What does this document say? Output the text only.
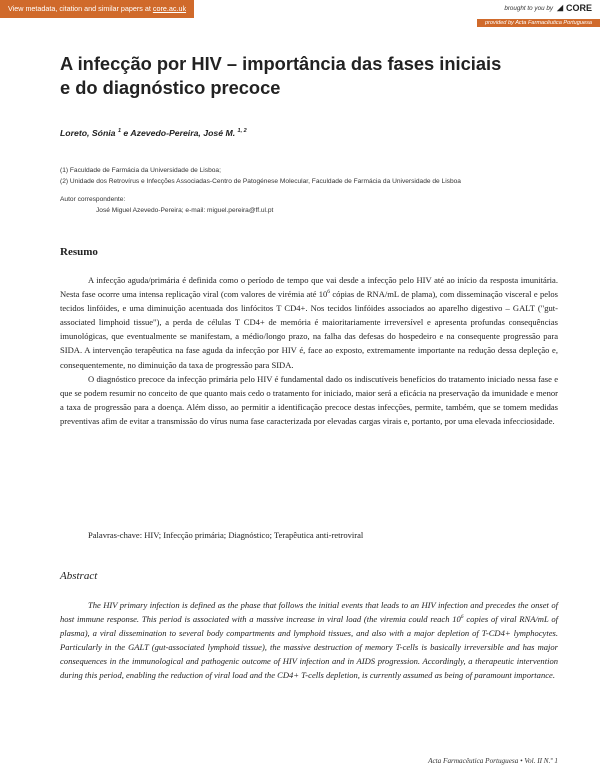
View metadata, citation and similar papers at core.ac.uk	brought to you by CORE
provided by Acta Farmacêutica Portuguesa
A infecção por HIV – importância das fases iniciais
e do diagnóstico precoce
Loreto, Sónia $^1$ e Azevedo-Pereira, José M. $^{1, 2}$
(1) Faculdade de Farmácia da Universidade de Lisboa;
(2) Unidade dos Retrovírus e Infecções Associadas-Centro de Patogénese Molecular, Faculdade de Farmácia da Universidade de Lisboa
Autor correspondente:
José Miguel Azevedo-Pereira; e-mail: miguel.pereira@ff.ul.pt
Resumo

A infecção aguda/primária é definida como o período de tempo que vai desde a infecção pelo HIV até ao início da resposta imunitária. Nesta fase ocorre uma intensa replicação viral (com valores de virémia até $10^6$ cópias de RNA/mL de plama), com disseminação visceral e pelos tecidos linfóides, e uma diminuição acentuada dos linfócitos T CD4+. Nos tecidos linfóides associados ao aparelho digestivo – GALT ("gut-associated limphoid tissue"), a perda de células T CD4+ de memória é maioritariamente irreversível e apresenta profundas consequências imunológicas, que eventualmente se manifestam, a médio/longo prazo, na falha das defesas do hospedeiro e na consequente progressão para SIDA. A intervenção terapêutica na fase aguda da infecção por HIV é, face ao exposto, extremamente importante na redução dessa depleção e, consequentemente, no diminuição da taxa de progressão para SIDA.

O diagnóstico precoce da infecção primária pelo HIV é fundamental dado os indiscutíveis benefícios do tratamento iniciado nessa fase e que se podem resumir no conceito de que quanto mais cedo o tratamento for iniciado, maior será a eficácia na preservação da imunidade e menor a taxa de progressão para a doença. Além disso, ao permitir a identificação precoce destas infecções, permite, também, que se tomem medidas preventivas afim de evitar a transmissão do vírus numa fase caracterizada por elevadas cargas virais e, portanto, por uma elevada infecciosidade.

Palavras-chave: HIV; Infecção primária; Diagnóstico; Terapêutica anti-retroviral
Abstract

The HIV primary infection is defined as the phase that follows the initial events that leads to an HIV infection and precedes the onset of host immune response. This period is associated with a massive increase in viral load (the viremia could reach $10^6$ copies of viral RNA/mL of plasma), a viral dissemination to several body compartments and lymphoid tissues, and also with a major depletion of T-CD4+ lymphocytes. Particularly in the GALT (gut-associated lymphoid tissue), the massive destruction of memory T-cells is basically irreversible and has major consequences in the immunological and pathogenic outcome of HIV infection and in AIDS progression. Accordingly, a therapeutic intervention during this period, enabling the reduction of viral load and the CD4+ T-cells depletion, is currently assumed as being of paramount importance.

Acta Farmacêutica Portuguesa • Vol. II N.º 1
